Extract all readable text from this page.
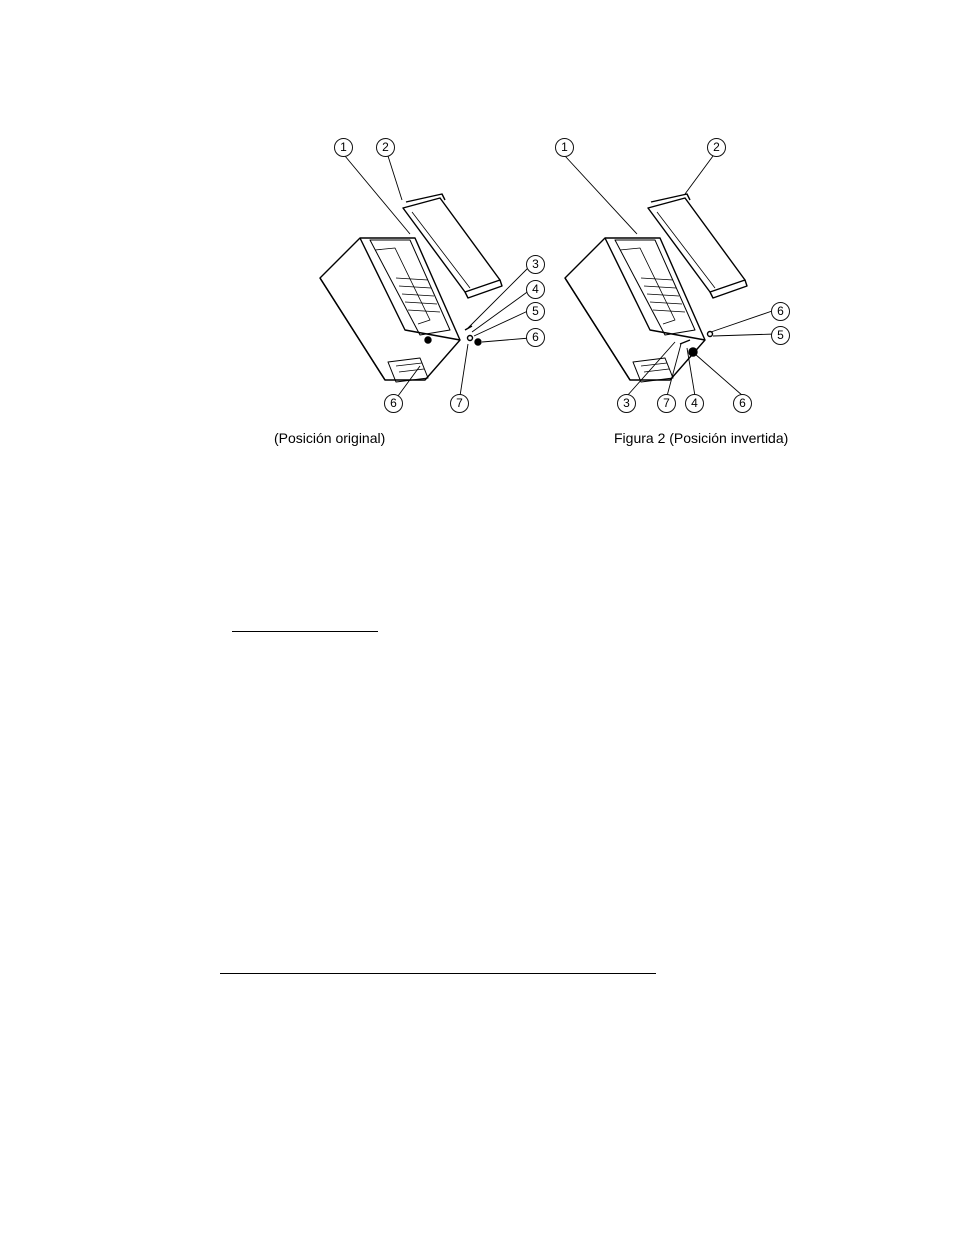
1	2
3
4
5
6
7
6
(Posición original)
1	2
6
5
3	7	4	6
Figura 2 (Posición invertida)
